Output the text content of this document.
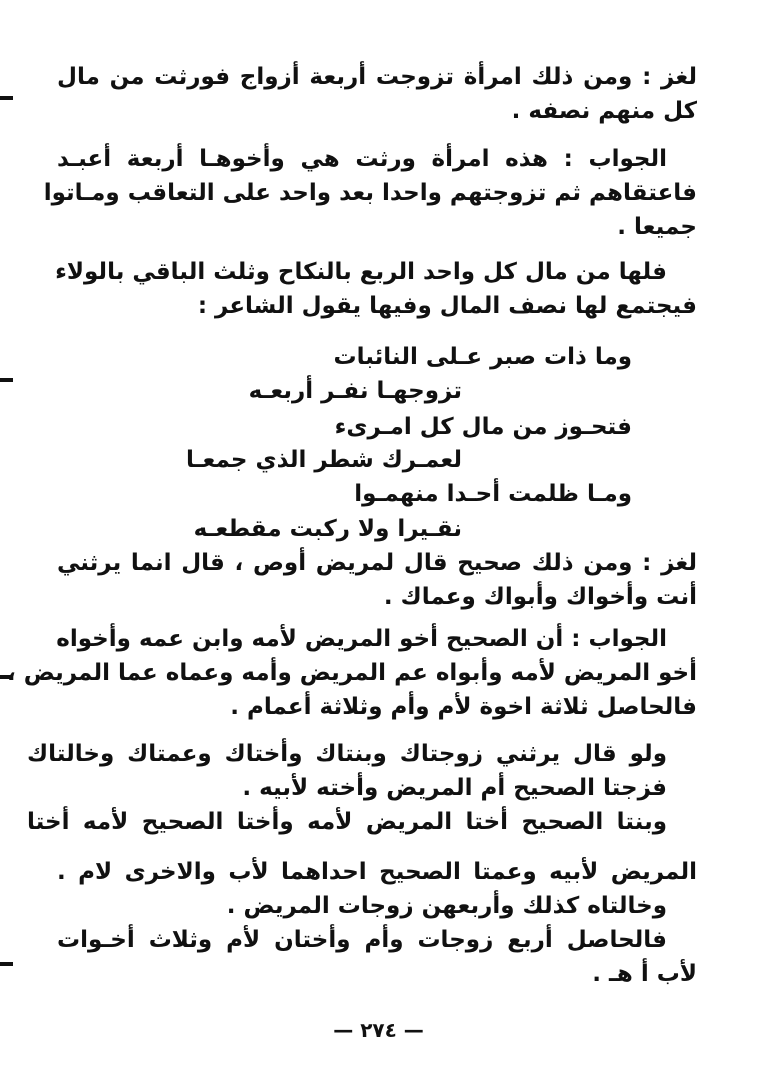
لغز : ومن ذلك امرأة تزوجت أربعة أزواج فورثت من مال

كل منهم نصفه .

الجواب : هذه امرأة ورثت هي وأخوهـا أربعة أعبـد

فاعتقاهم ثم تزوجتهم واحدا بعد واحد على التعاقب ومـاتوا

جميعا .

فلها من مال كل واحد الربع بالنكاح وثلث الباقي بالولاء

فيجتمع لها نصف المال وفيها يقول الشاعر :

وما ذات صبر عـلى النائبات

تزوجهـا نفـر أربعـه

فتحـوز من مال كل امـرىء

لعمـرك شطر الذي جمعـا

ومـا ظلمت أحـدا منهمـوا

نقـيرا ولا ركبت مقطعـه

لغز : ومن ذلك صحيح قال لمريض أوص ، قال انما يرثني

أنت وأخواك وأبواك وعماك .

الجواب : أن الصحيح أخو المريض لأمه وابن عمه وأخواه

أخو المريض لأمه وأبواه عم المريض وأمه وعماه عما المريض ،

فالحاصل ثلاثة اخوة لأم وأم وثلاثة أعمام .

ولو قال يرثني زوجتاك وبنتاك وأختاك وعمتاك وخالتاك

فزجتا الصحيح أم المريض وأخته لأبيه .

وبنتا الصحيح أختا المريض لأمه وأختا الصحيح لأمه أختا

المريض لأبيه وعمتا الصحيح احداهما لأب والاخرى لام .

وخالتاه كذلك وأربعهن زوجات المريض .

فالحاصل أربع زوجات وأم وأختان لأم وثلاث أخـوات

لأب أ هـ .

— ٢٧٤ —
